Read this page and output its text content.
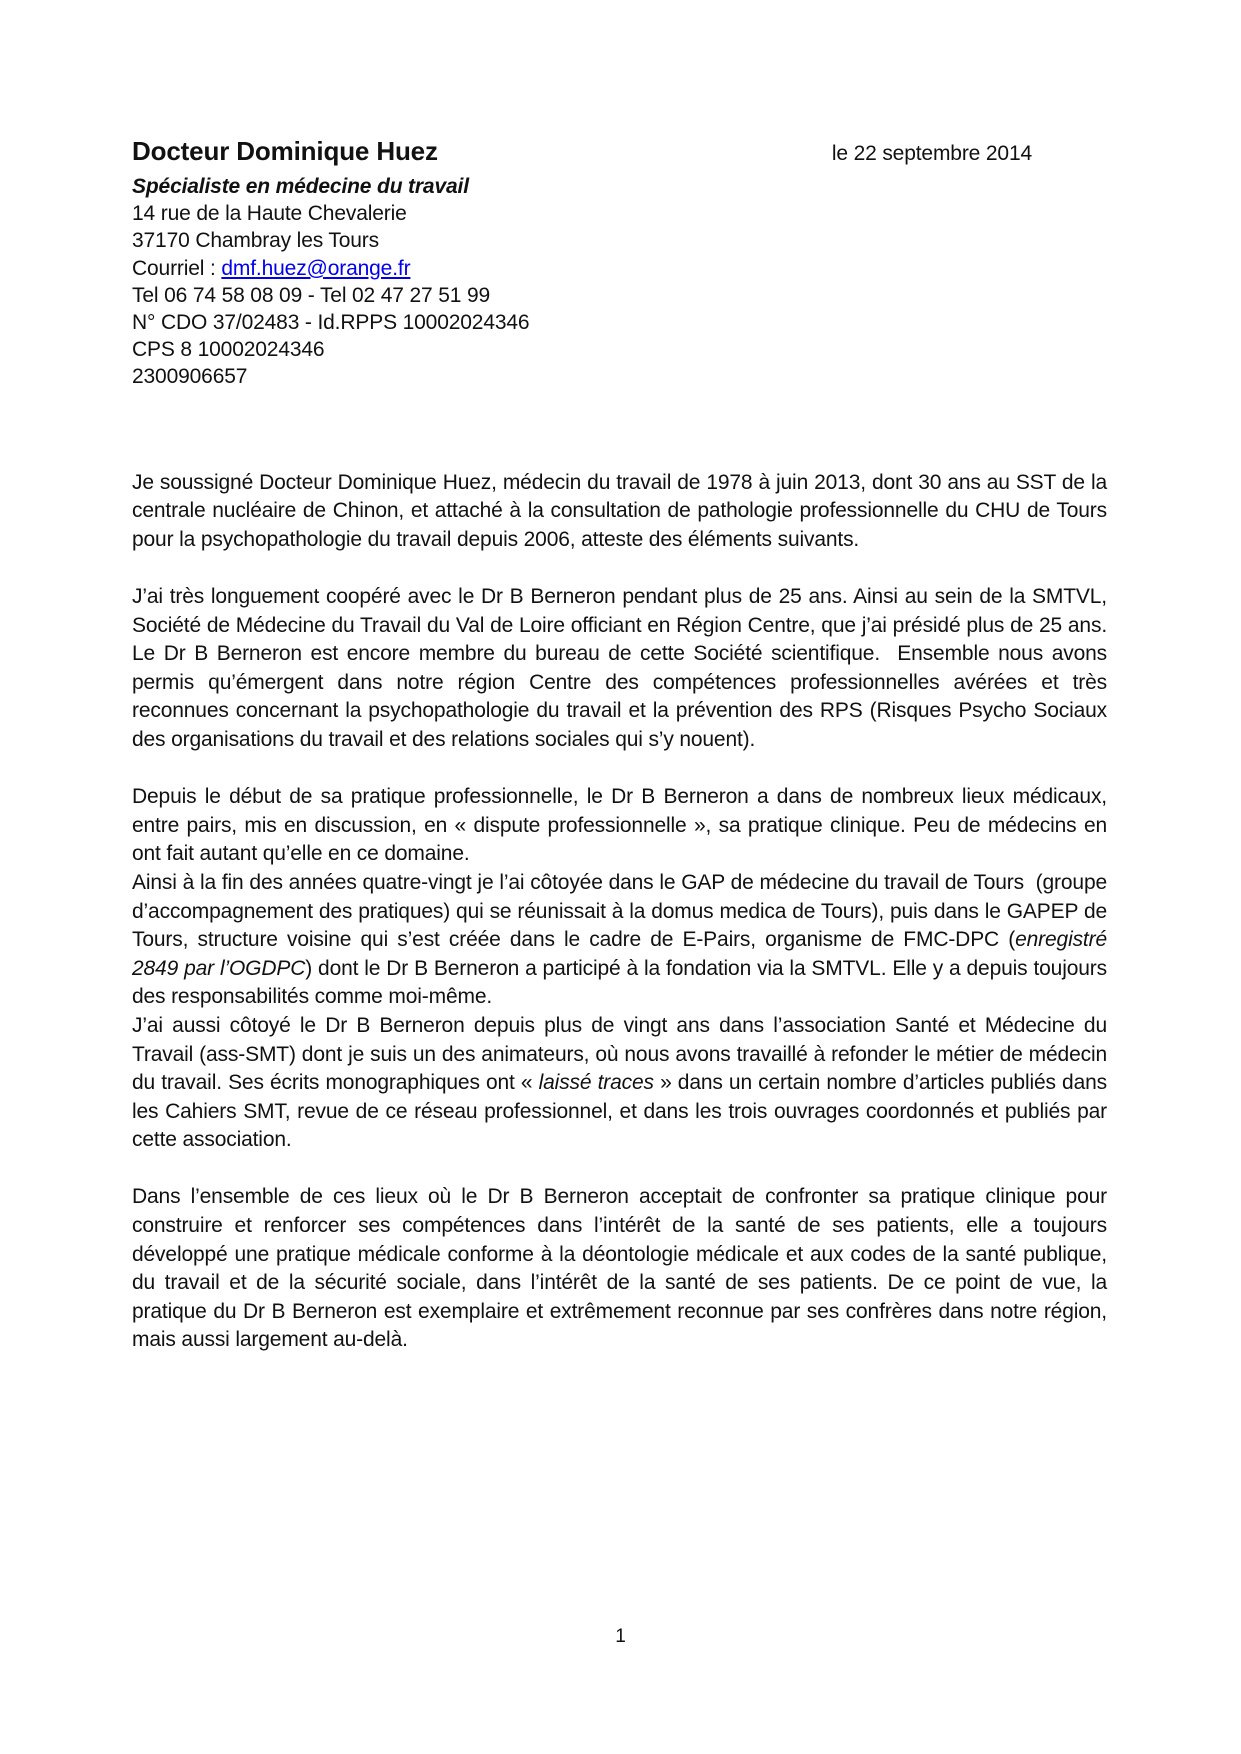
Docteur Dominique Huez	le 22 septembre 2014
Spécialiste en médecine du travail
14 rue de la Haute Chevalerie
37170 Chambray les Tours
Courriel : dmf.huez@orange.fr
Tel 06 74 58 08 09 - Tel 02 47 27 51 99
N° CDO 37/02483 - Id.RPPS 10002024346
CPS 8 10002024346
2300906657

Je soussigné Docteur Dominique Huez, médecin du travail de 1978 à juin 2013, dont 30 ans au SST de la centrale nucléaire de Chinon, et attaché à la consultation de pathologie professionnelle du CHU de Tours pour la psychopathologie du travail depuis 2006, atteste des éléments suivants.

J’ai très longuement coopéré avec le Dr B Berneron pendant plus de 25 ans. Ainsi au sein de la SMTVL, Société de Médecine du Travail du Val de Loire officiant en Région Centre, que j’ai présidé plus de 25 ans. Le Dr B Berneron est encore membre du bureau de cette Société scientifique.  Ensemble nous avons permis qu’émergent dans notre région Centre des compétences professionnelles avérées et très reconnues concernant la psychopathologie du travail et la prévention des RPS (Risques Psycho Sociaux des organisations du travail et des relations sociales qui s’y nouent).

Depuis le début de sa pratique professionnelle, le Dr B Berneron a dans de nombreux lieux médicaux, entre pairs, mis en discussion, en « dispute professionnelle », sa pratique clinique. Peu de médecins en ont fait autant qu’elle en ce domaine.

Ainsi à la fin des années quatre-vingt je l’ai côtoyée dans le GAP de médecine du travail de Tours  (groupe d’accompagnement des pratiques) qui se réunissait à la domus medica de Tours), puis dans le GAPEP de Tours, structure voisine qui s’est créée dans le cadre de E-Pairs, organisme de FMC-DPC (enregistré 2849 par l’OGDPC) dont le Dr B Berneron a participé à la fondation via la SMTVL. Elle y a depuis toujours des responsabilités comme moi-même.

J’ai aussi côtoyé le Dr B Berneron depuis plus de vingt ans dans l’association Santé et Médecine du Travail (ass-SMT) dont je suis un des animateurs, où nous avons travaillé à refonder le métier de médecin du travail. Ses écrits monographiques ont « laissé traces » dans un certain nombre d’articles publiés dans les Cahiers SMT, revue de ce réseau professionnel, et dans les trois ouvrages coordonnés et publiés par cette association.

Dans l’ensemble de ces lieux où le Dr B Berneron acceptait de confronter sa pratique clinique pour construire et renforcer ses compétences dans l’intérêt de la santé de ses patients, elle a toujours développé une pratique médicale conforme à la déontologie médicale et aux codes de la santé publique, du travail et de la sécurité sociale, dans l’intérêt de la santé de ses patients. De ce point de vue, la pratique du Dr B Berneron est exemplaire et extrêmement reconnue par ses confrères dans notre région, mais aussi largement au-delà.

1
